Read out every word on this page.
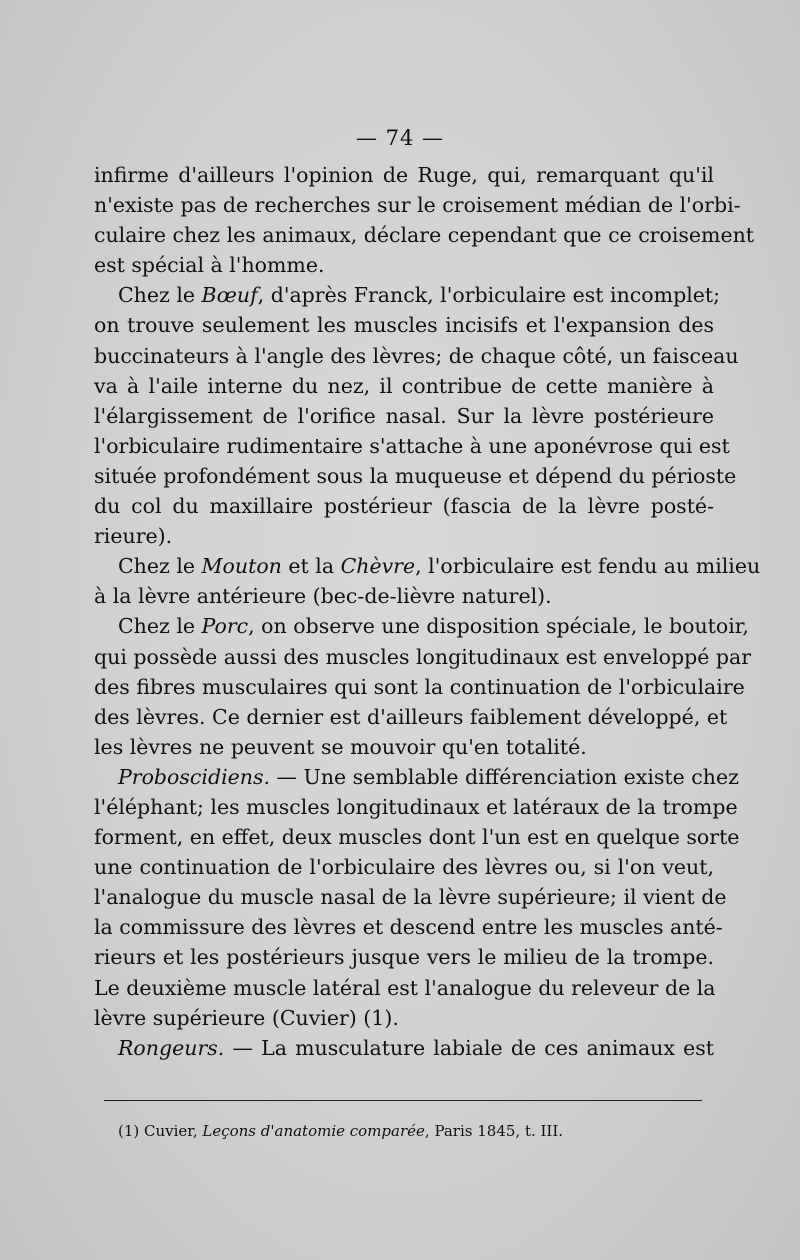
— 74 —
infirme d'ailleurs l'opinion de Ruge, qui, remarquant qu'il
n'existe pas de recherches sur le croisement médian de l'orbi-
culaire chez les animaux, déclare cependant que ce croisement
est spécial à l'homme.
Chez le Bœuf, d'après Franck, l'orbiculaire est incomplet;
on trouve seulement les muscles incisifs et l'expansion des
buccinateurs à l'angle des lèvres; de chaque côté, un faisceau
va à l'aile interne du nez, il contribue de cette manière à
l'élargissement de l'orifice nasal. Sur la lèvre postérieure
l'orbiculaire rudimentaire s'attache à une aponévrose qui est
située profondément sous la muqueuse et dépend du périoste
du col du maxillaire postérieur (fascia de la lèvre posté-
rieure).
Chez le Mouton et la Chèvre, l'orbiculaire est fendu au milieu
à la lèvre antérieure (bec-de-lièvre naturel).
Chez le Porc, on observe une disposition spéciale, le boutoir,
qui possède aussi des muscles longitudinaux est enveloppé par
des fibres musculaires qui sont la continuation de l'orbiculaire
des lèvres. Ce dernier est d'ailleurs faiblement développé, et
les lèvres ne peuvent se mouvoir qu'en totalité.
Proboscidiens. — Une semblable différenciation existe chez
l'éléphant; les muscles longitudinaux et latéraux de la trompe
forment, en effet, deux muscles dont l'un est en quelque sorte
une continuation de l'orbiculaire des lèvres ou, si l'on veut,
l'analogue du muscle nasal de la lèvre supérieure; il vient de
la commissure des lèvres et descend entre les muscles anté-
rieurs et les postérieurs jusque vers le milieu de la trompe.
Le deuxième muscle latéral est l'analogue du releveur de la
lèvre supérieure (Cuvier) (1).
Rongeurs. — La musculature labiale de ces animaux est
(1) Cuvier, Leçons d'anatomie comparée, Paris 1845, t. III.
